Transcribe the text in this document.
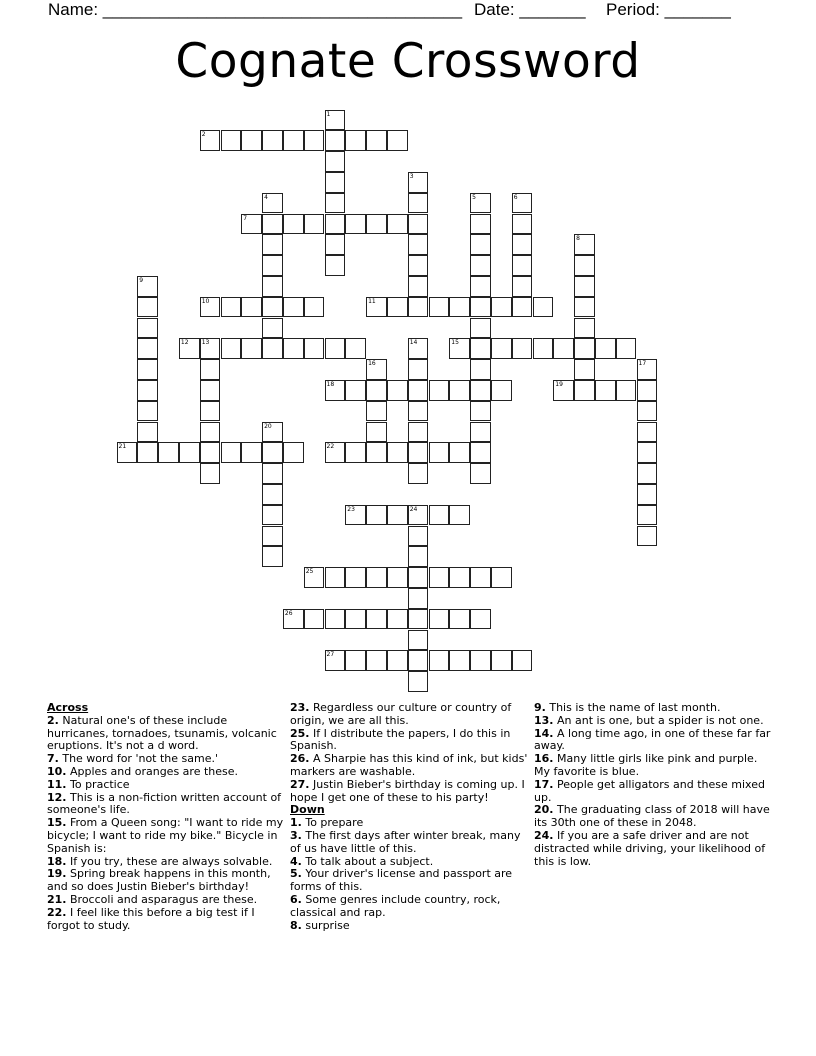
Name: ______________________________________ Date: _______ Period: _______
Cognate Crossword
1
2
3
4	5	6
7
8
9
10	11
12 13	14	15
16	17
18	19
20
21	22
23	24
25
26
27
Across
2. Natural one's of these include hurricanes, tornadoes, tsunamis, volcanic eruptions. It's not a d word.
7. The word for 'not the same.'
10. Apples and oranges are these.
11. To practice
12. This is a non-fiction written account of someone's life.
15. From a Queen song: "I want to ride my bicycle; I want to ride my bike." Bicycle in Spanish is:
18. If you try, these are always solvable.
19. Spring break happens in this month, and so does Justin Bieber's birthday!
21. Broccoli and asparagus are these.
22. I feel like this before a big test if I forgot to study.
23. Regardless our culture or country of origin, we are all this.
25. If I distribute the papers, I do this in Spanish.
26. A Sharpie has this kind of ink, but kids' markers are washable.
27. Justin Bieber's birthday is coming up. I hope I get one of these to his party!
Down
1. To prepare
3. The first days after winter break, many of us have little of this.
4. To talk about a subject.
5. Your driver's license and passport are forms of this.
6. Some genres include country, rock, classical and rap.
8. surprise
9. This is the name of last month.
13. An ant is one, but a spider is not one.
14. A long time ago, in one of these far far away.
16. Many little girls like pink and purple. My favorite is blue.
17. People get alligators and these mixed up.
20. The graduating class of 2018 will have its 30th one of these in 2048.
24. If you are a safe driver and are not distracted while driving, your likelihood of this is low.
